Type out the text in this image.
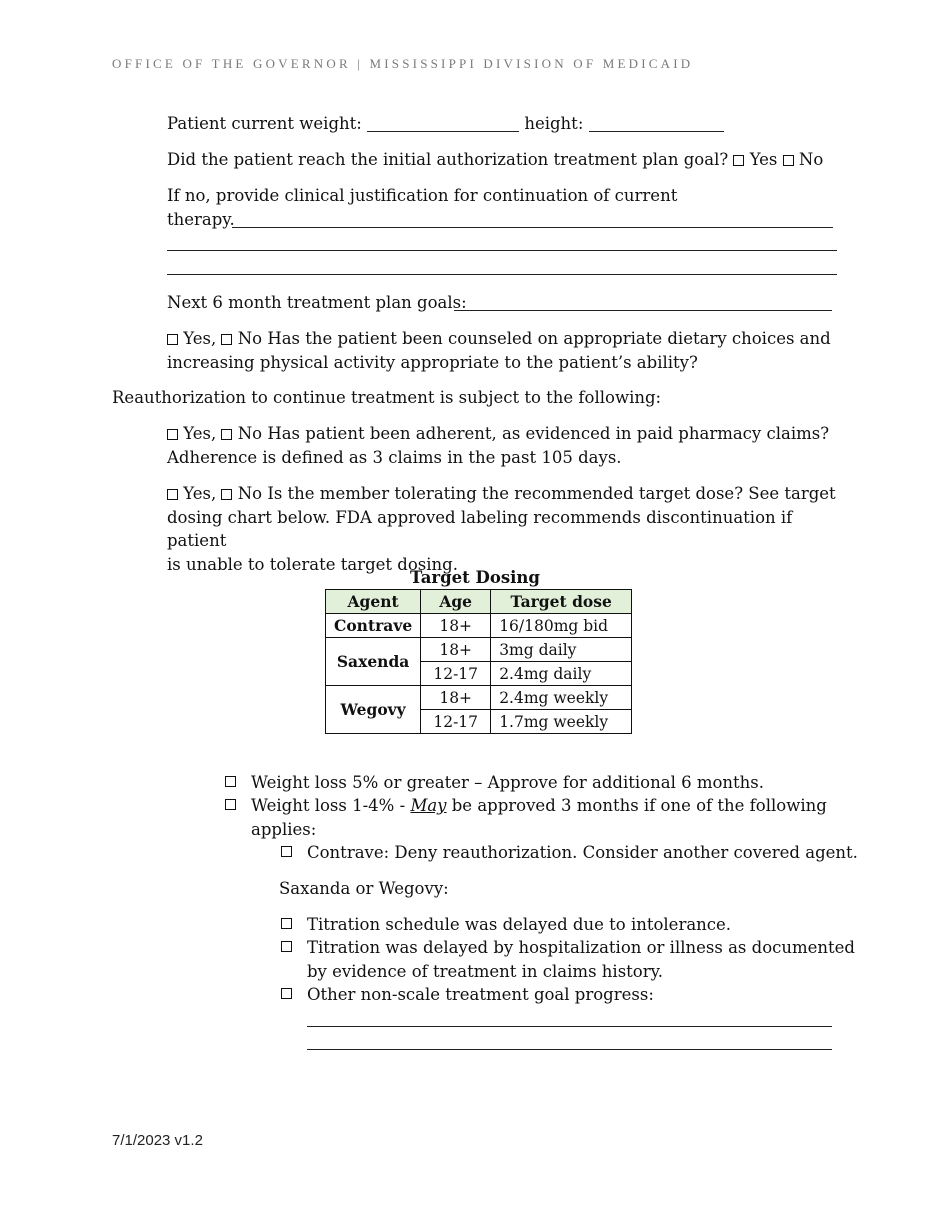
OFFICE OF THE GOVERNOR | MISSISSIPPI DIVISION OF MEDICAID
Patient current weight:	height:
Did the patient reach the initial authorization treatment plan goal? Yes No
If no, provide clinical justification for continuation of current
therapy.
Next 6 month treatment plan goals:
Yes, No Has the patient been counseled on appropriate dietary choices and
increasing physical activity appropriate to the patient’s ability?
Reauthorization to continue treatment is subject to the following:
Yes, No Has patient been adherent, as evidenced in paid pharmacy claims?
Adherence is defined as 3 claims in the past 105 days.
Yes, No Is the member tolerating the recommended target dose? See target
dosing chart below. FDA approved labeling recommends discontinuation if patient
is unable to tolerate target dosing.
Target Dosing
Agent	Age	Target dose
Contrave	18+	16/180mg bid
Saxenda	18+	3mg daily
	12-17	2.4mg daily
Wegovy	18+	2.4mg weekly
	12-17	1.7mg weekly
Weight loss 5% or greater – Approve for additional 6 months.
Weight loss 1-4% - May be approved 3 months if one of the following
applies:
Contrave: Deny reauthorization. Consider another covered agent.
Saxanda or Wegovy:
Titration schedule was delayed due to intolerance.
Titration was delayed by hospitalization or illness as documented
by evidence of treatment in claims history.
Other non-scale treatment goal progress:
7/1/2023 v1.2
